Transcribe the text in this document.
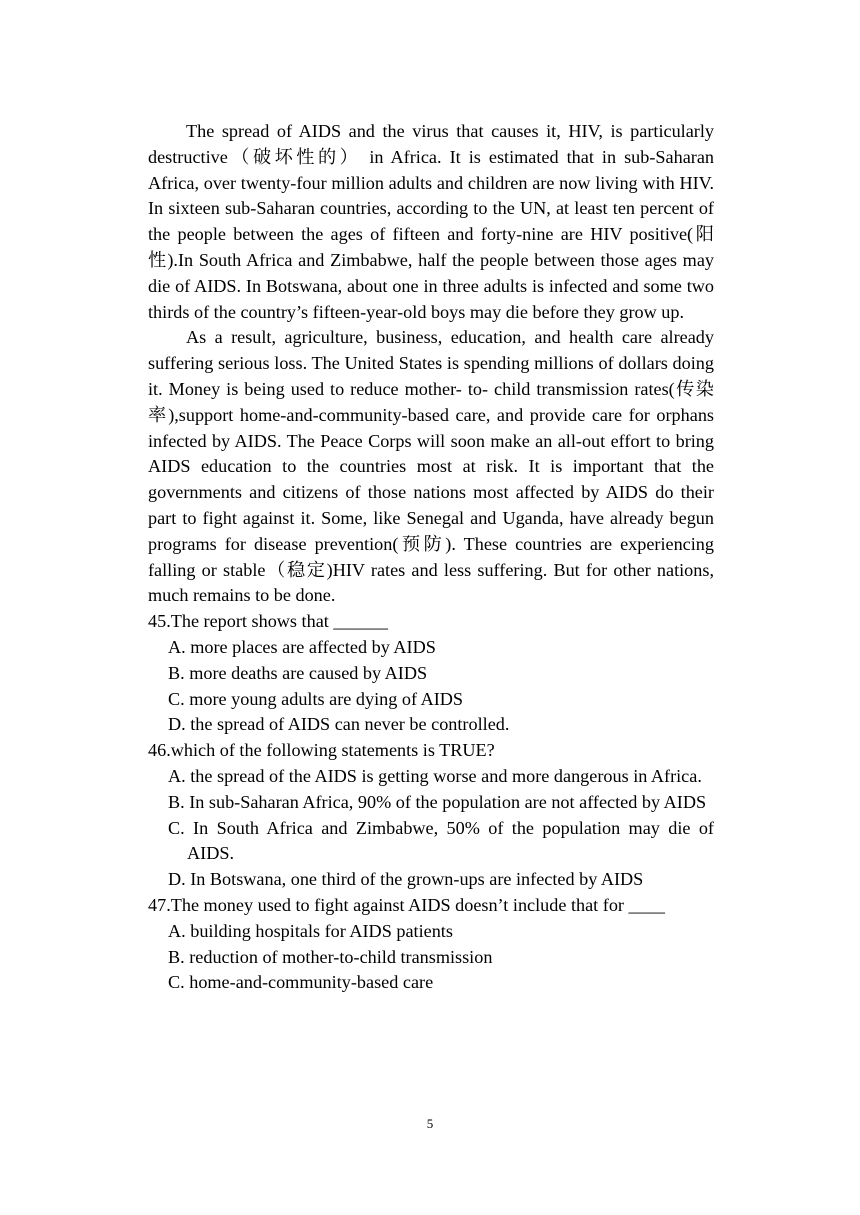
The spread of AIDS and the virus that causes it, HIV, is particularly destructive（破坏性的） in Africa. It is estimated that in sub-Saharan Africa, over twenty-four million adults and children are now living with HIV. In sixteen sub-Saharan countries, according to the UN, at least ten percent of the people between the ages of fifteen and forty-nine are HIV positive(阳性).In South Africa and Zimbabwe, half the people between those ages may die of AIDS. In Botswana, about one in three adults is infected and some two thirds of the country’s fifteen-year-old boys may die before they grow up.

As a result, agriculture, business, education, and health care already suffering serious loss. The United States is spending millions of dollars doing it. Money is being used to reduce mother- to- child transmission rates(传染率),support home-and-community-based care, and provide care for orphans infected by AIDS. The Peace Corps will soon make an all-out effort to bring AIDS education to the countries most at risk. It is important that the governments and citizens of those nations most affected by AIDS do their part to fight against it. Some, like Senegal and Uganda, have already begun programs for disease prevention(预防). These countries are experiencing falling or stable（稳定)HIV rates and less suffering. But for other nations, much remains to be done.

45.The report shows that ______

A. more places are affected by AIDS

B. more deaths are caused by AIDS

C. more young adults are dying of AIDS

D. the spread of AIDS can never be controlled.

46.which of the following statements is TRUE?

A. the spread of the AIDS is getting worse and more dangerous in Africa.

B. In sub-Saharan Africa, 90% of the population are not affected by AIDS

C. In South Africa and Zimbabwe, 50% of the population may die of AIDS.

D. In Botswana, one third of the grown-ups are infected by AIDS

47.The money used to fight against AIDS doesn’t include that for ____

A. building hospitals for AIDS patients

B. reduction of mother-to-child transmission

C. home-and-community-based care

5
